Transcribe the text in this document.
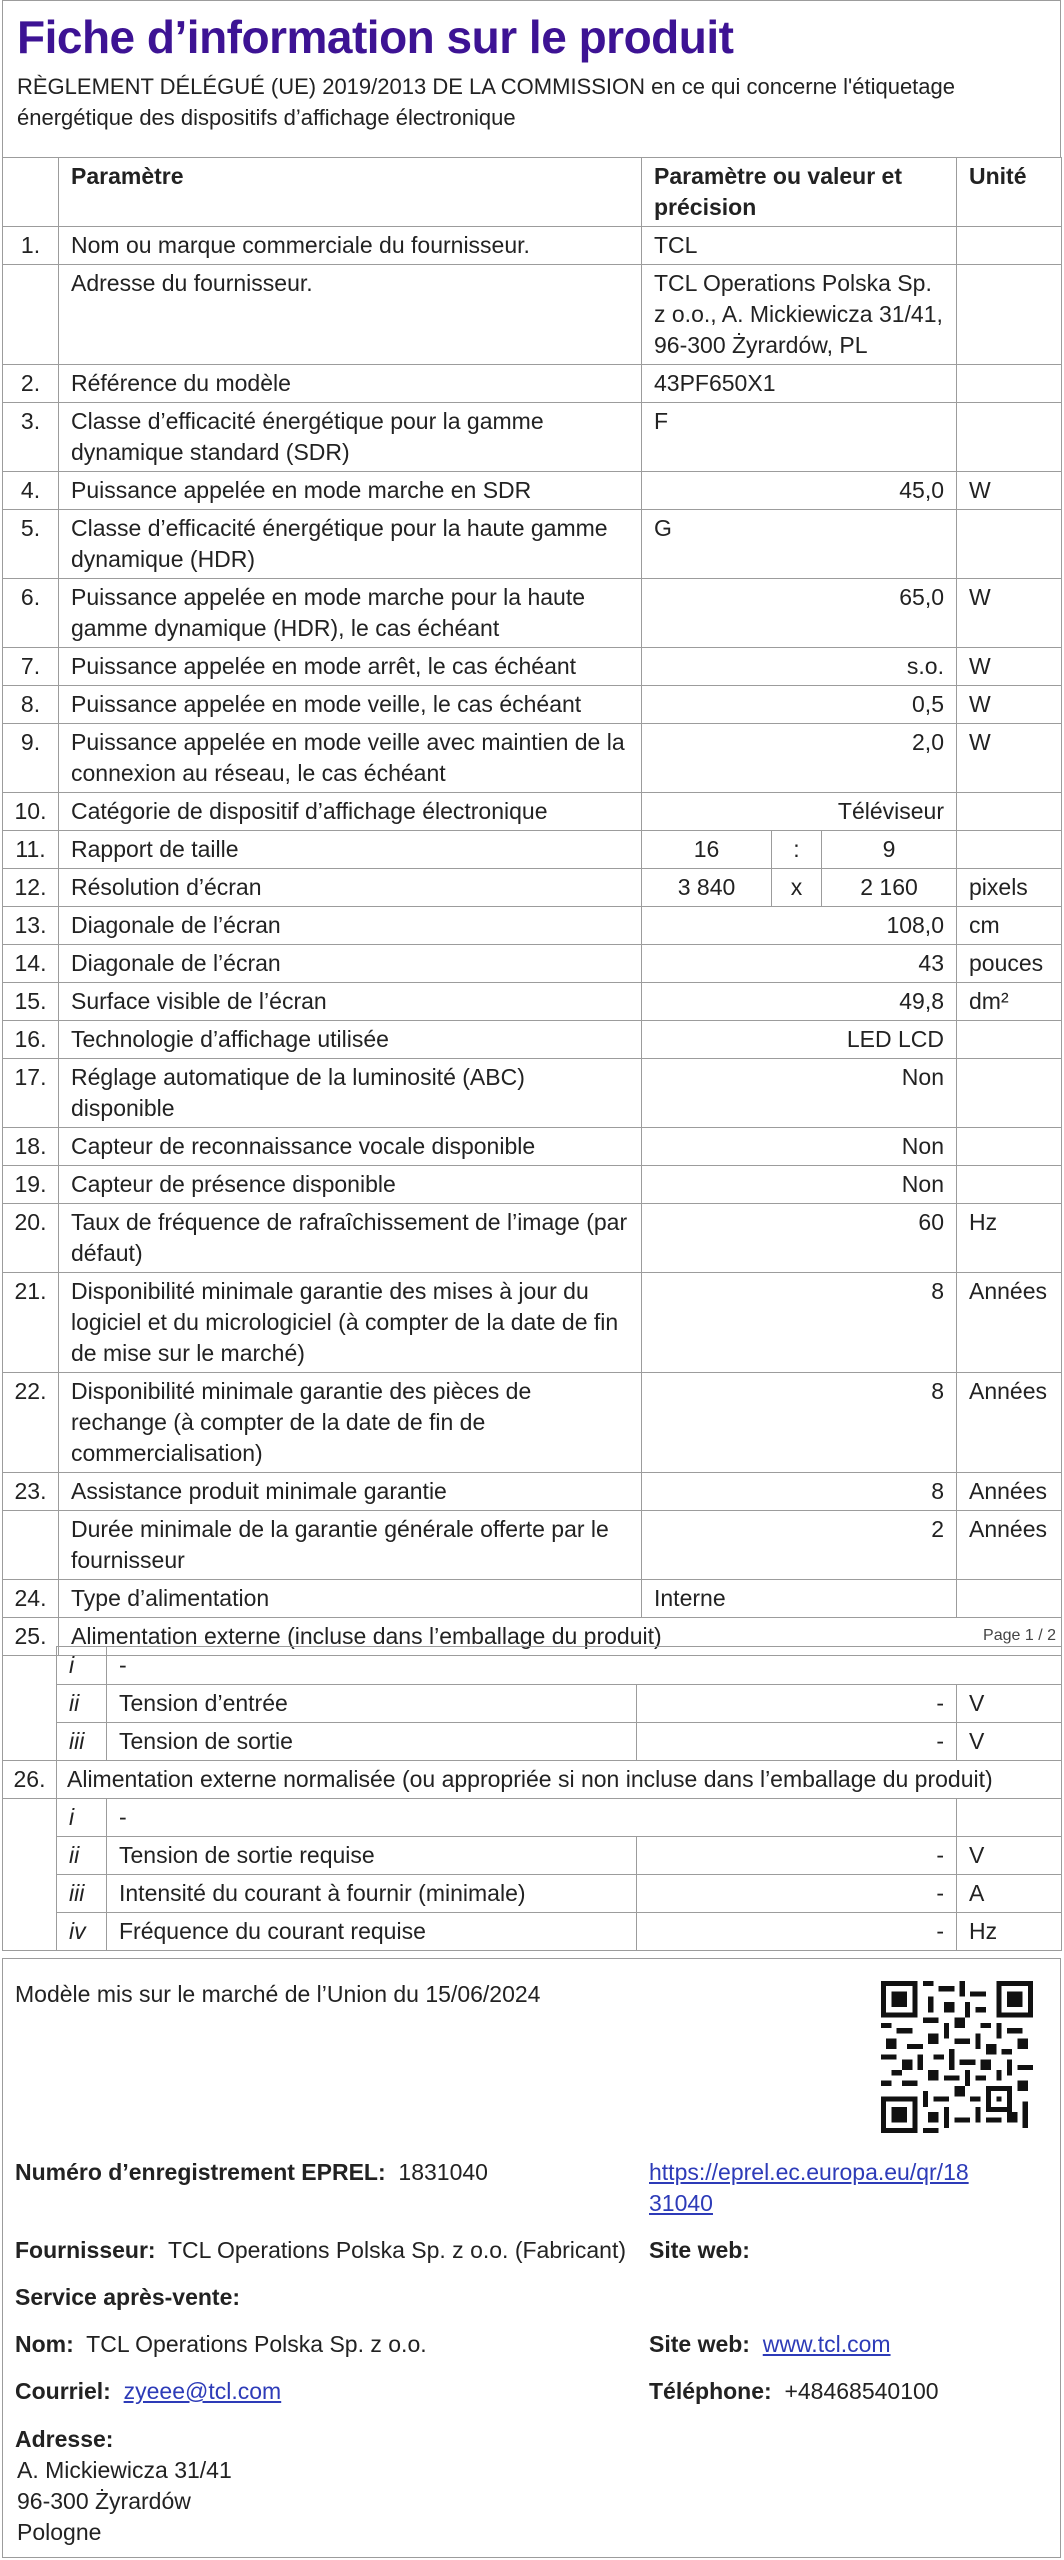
Fiche d’information sur le produit
RÈGLEMENT DÉLÉGUÉ (UE) 2019/2013 DE LA COMMISSION en ce qui concerne l'étiquetage énergétique des dispositifs d’affichage électronique
	Paramètre	Paramètre ou valeur et précision			Unité
1.	Nom ou marque commerciale du fournisseur.	TCL			
	Adresse du fournisseur.	TCL Operations Polska Sp. z o.o., A. Mickiewicza 31/41, 96-300 Żyrardów, PL			
2.	Référence du modèle	43PF650X1			
3.	Classe d’efficacité énergétique pour la gamme dynamique standard (SDR)	F			
4.	Puissance appelée en mode marche en SDR	45,0			W
5.	Classe d’efficacité énergétique pour la haute gamme dynamique (HDR)	G			
6.	Puissance appelée en mode marche pour la haute gamme dynamique (HDR), le cas échéant	65,0			W
7.	Puissance appelée en mode arrêt, le cas échéant	s.o.			W
8.	Puissance appelée en mode veille, le cas échéant	0,5			W
9.	Puissance appelée en mode veille avec maintien de la connexion au réseau, le cas échéant	2,0			W
10.	Catégorie de dispositif d’affichage électronique	Téléviseur			
11.	Rapport de taille	16	:	9	
12.	Résolution d’écran	3 840	x	2 160	pixels
13.	Diagonale de l’écran	108,0			cm
14.	Diagonale de l’écran	43			pouces
15.	Surface visible de l’écran	49,8			dm²
16.	Technologie d’affichage utilisée	LED LCD			
17.	Réglage automatique de la luminosité (ABC) disponible	Non			
18.	Capteur de reconnaissance vocale disponible	Non			
19.	Capteur de présence disponible	Non			
20.	Taux de fréquence de rafraîchissement de l’image (par défaut)	60			Hz
21.	Disponibilité minimale garantie des mises à jour du logiciel et du micrologiciel (à compter de la date de fin de mise sur le marché)	8			Années
22.	Disponibilité minimale garantie des pièces de rechange (à compter de la date de fin de commercialisation)	8			Années
23.	Assistance produit minimale garantie	8			Années
	Durée minimale de la garantie générale offerte par le fournisseur	2			Années
24.	Type d’alimentation	Interne			
25.	Alimentation externe (incluse dans l’emballage du produit)					Page 1 / 2
	i	-		
	ii	Tension d’entrée	-	V
	iii	Tension de sortie	-	V
26.	Alimentation externe normalisée (ou appropriée si non incluse dans l’emballage du produit)			
	i	-		
	ii	Tension de sortie requise	-	V
	iii	Intensité du courant à fournir (minimale)	-	A
	iv	Fréquence du courant requise	-	Hz
Modèle mis sur le marché de l’Union du 15/06/2024
Numéro d’enregistrement EPREL: 1831040	https://eprel.ec.europa.eu/qr/18
31040
Fournisseur: TCL Operations Polska Sp. z o.o. (Fabricant) Site web:
Service après-vente:
Nom: TCL Operations Polska Sp. z o.o.	Site web: www.tcl.com
Courriel: zyeee@tcl.com	Téléphone: +48468540100
Adresse:
A. Mickiewicza 31/41
96-300 Żyrardów
Pologne
